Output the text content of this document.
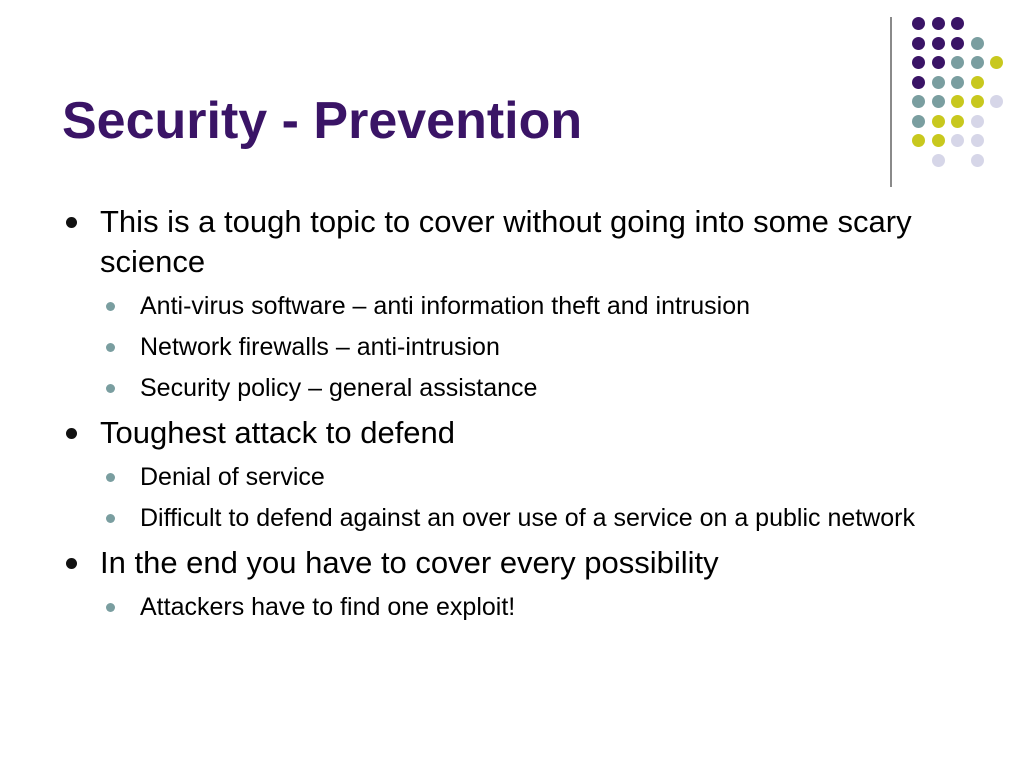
Security - Prevention
This is a tough topic to cover without going into some scary science
Anti-virus software – anti information theft and intrusion
Network firewalls – anti-intrusion
Security policy – general assistance
Toughest attack to defend
Denial of service
Difficult to defend against an over use of a service on a public network
In the end you have to cover every possibility
Attackers have to find one exploit!
